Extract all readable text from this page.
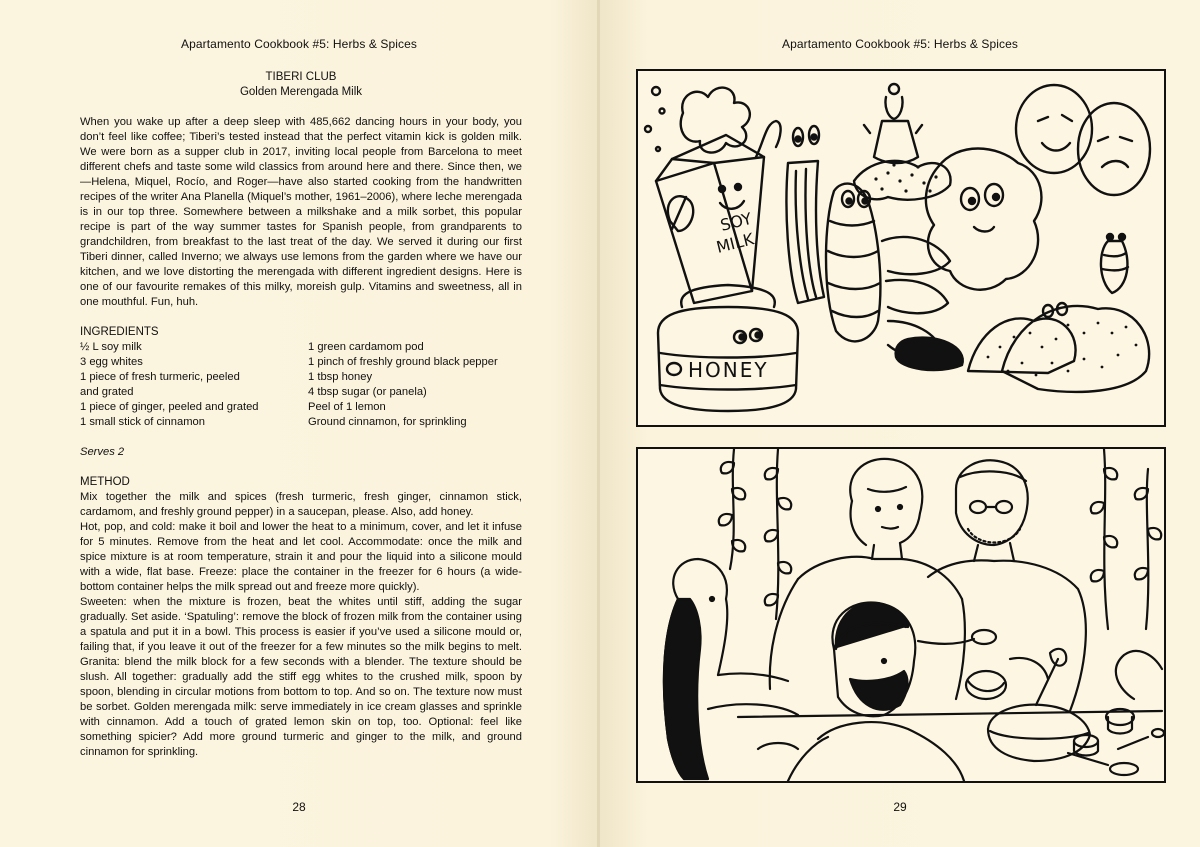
Apartamento Cookbook #5: Herbs & Spices
TIBERI CLUB
Golden Merengada Milk

When you wake up after a deep sleep with 485,662 dancing hours in your body, you don’t feel like coffee; Tiberi’s tested instead that the perfect vitamin kick is golden milk. We were born as a supper club in 2017, inviting local people from Barcelona to meet different chefs and taste some wild classics from around here and there. Since then, we—Helena, Miquel, Rocío, and Roger—have also started cooking from the handwritten recipes of the writer Ana Planella (Miquel’s mother, 1961–2006), where leche merengada is in our top three. Somewhere between a milkshake and a milk sorbet, this popular recipe is part of the way summer tastes for Spanish people, from grandparents to grandchildren, from breakfast to the last treat of the day. We served it during our first Tiberi dinner, called Inverno; we always use lemons from the garden where we have our kitchen, and we love distorting the merengada with different ingredient designs. Here is one of our favourite remakes of this milky, moreish gulp. Vitamins and sweetness, all in one mouthful. Fun, huh.

INGREDIENTS
½ L soy milk
3 egg whites
1 piece of fresh turmeric, peeled
and grated
1 piece of ginger, peeled and grated
1 small stick of cinnamon
1 green cardamom pod
1 pinch of freshly ground black pepper
1 tbsp honey
4 tbsp sugar (or panela)
Peel of 1 lemon
Ground cinnamon, for sprinkling
Serves 2
METHOD

Mix together the milk and spices (fresh turmeric, fresh ginger, cinnamon stick, cardamom, and freshly ground pepper) in a saucepan, please. Also, add honey.

Hot, pop, and cold: make it boil and lower the heat to a minimum, cover, and let it infuse for 5 minutes. Remove from the heat and let cool. Accommodate: once the milk and spice mixture is at room temperature, strain it and pour the liquid into a silicone mould with a wide, flat base. Freeze: place the container in the freezer for 6 hours (a wide-bottom container helps the milk spread out and freeze more quickly).

Sweeten: when the mixture is frozen, beat the whites until stiff, adding the sugar gradually. Set aside. ‘Spatuling’: remove the block of frozen milk from the container using a spatula and put it in a bowl. This process is easier if you’ve used a silicone mould or, failing that, if you leave it out of the freezer for a few minutes so the milk begins to melt. Granita: blend the milk block for a few seconds with a blender. The texture should be slush. All together: gradually add the stiff egg whites to the crushed milk, spoon by spoon, blending in circular motions from bottom to top. And so on. The texture now must be sorbet. Golden merengada milk: serve immediately in ice cream glasses and sprinkle with cinnamon. Add a touch of grated lemon skin on top, too. Optional: feel like something spicier? Add more ground turmeric and ginger to the milk, and ground cinnamon for sprinkling.

28
Apartamento Cookbook #5: Herbs & Spices
29
SOY
MILK
HONEY
